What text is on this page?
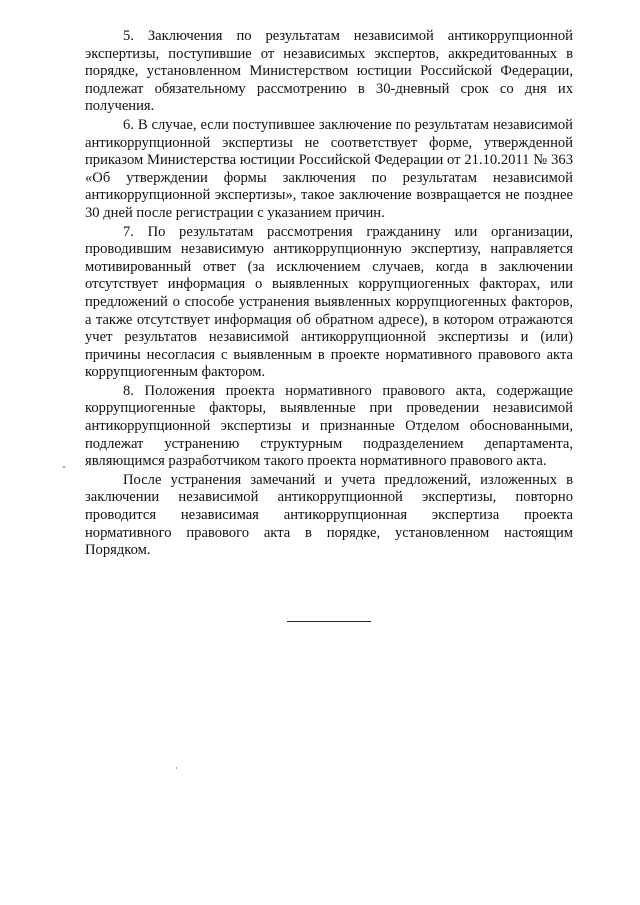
5. Заключения по результатам независимой антикоррупционной экспертизы, поступившие от независимых экспертов, аккредитованных в порядке, установленном Министерством юстиции Российской Федерации, подлежат обязательному рассмотрению в 30-дневный срок со дня их получения.

6. В случае, если поступившее заключение по результатам независимой антикоррупционной экспертизы не соответствует форме, утвержденной приказом Министерства юстиции Российской Федерации от 21.10.2011 № 363 «Об утверждении формы заключения по результатам независимой антикоррупционной экспертизы», такое заключение возвращается не позднее 30 дней после регистрации с указанием причин.

7. По результатам рассмотрения гражданину или организации, проводившим независимую антикоррупционную экспертизу, направляется мотивированный ответ (за исключением случаев, когда в заключении отсутствует информация о выявленных коррупциогенных факторах, или предложений о способе устранения выявленных коррупциогенных факторов, а также отсутствует информация об обратном адресе), в котором отражаются учет результатов независимой антикоррупционной экспертизы и (или) причины несогласия с выявленным в проекте нормативного правового акта коррупциогенным фактором.

8. Положения проекта нормативного правового акта, содержащие коррупциогенные факторы, выявленные при проведении независимой антикоррупционной экспертизы и признанные Отделом обоснованными, подлежат устранению структурным подразделением департамента, являющимся разработчиком такого проекта нормативного правового акта.

После устранения замечаний и учета предложений, изложенных в заключении независимой антикоррупционной экспертизы, повторно проводится независимая антикоррупционная экспертиза проекта нормативного правового акта в порядке, установленном настоящим Порядком.
